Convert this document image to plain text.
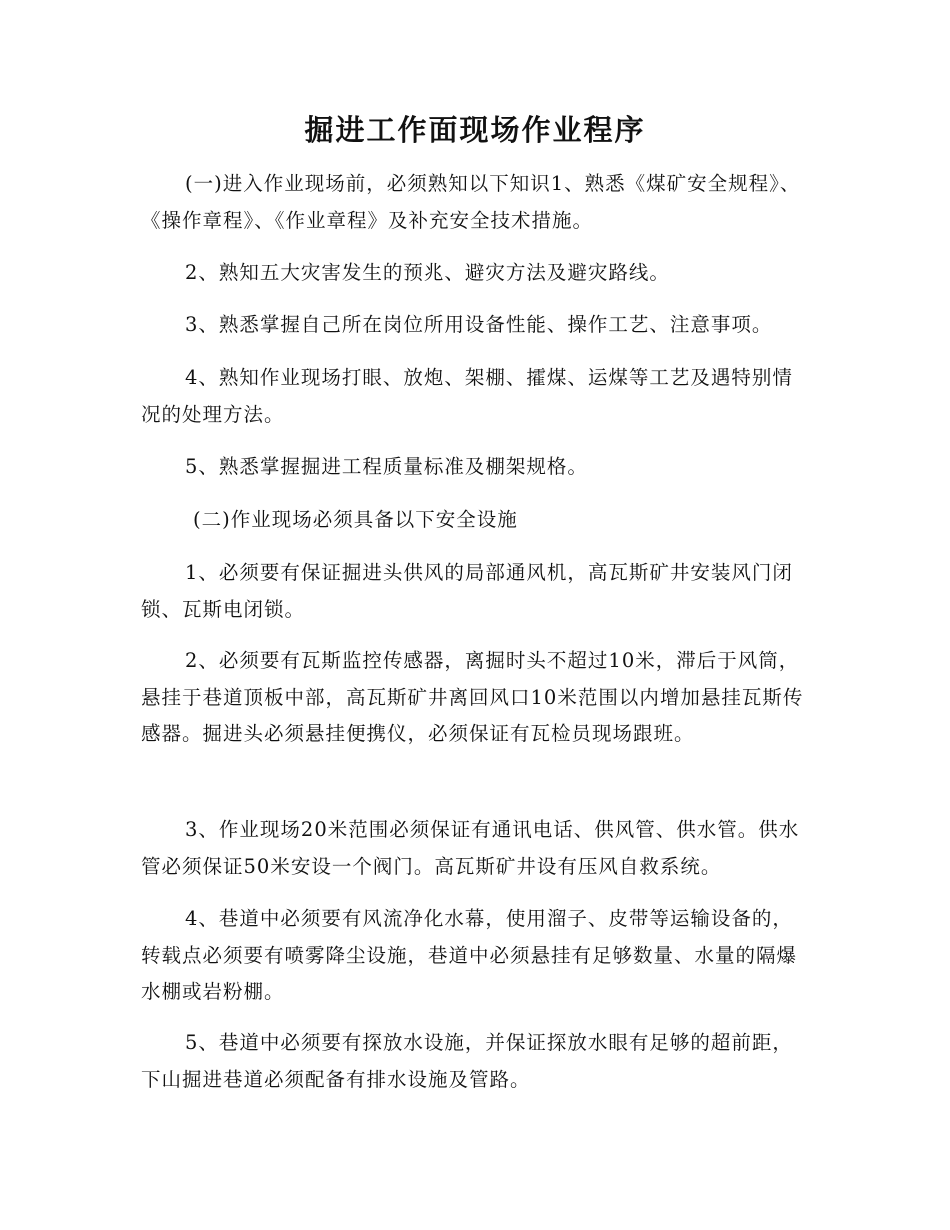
掘进工作面现场作业程序

(一)进入作业现场前，必须熟知以下知识1、熟悉《煤矿安全规程》、《操作章程》、《作业章程》及补充安全技术措施。

2、熟知五大灾害发生的预兆、避灾方法及避灾路线。

3、熟悉掌握自己所在岗位所用设备性能、操作工艺、注意事项。

4、熟知作业现场打眼、放炮、架棚、攉煤、运煤等工艺及遇特别情况的处理方法。

5、熟悉掌握掘进工程质量标准及棚架规格。

(二)作业现场必须具备以下安全设施

1、必须要有保证掘进头供风的局部通风机，高瓦斯矿井安装风门闭锁、瓦斯电闭锁。

2、必须要有瓦斯监控传感器，离掘时头不超过10米，滞后于风筒，悬挂于巷道顶板中部，高瓦斯矿井离回风口10米范围以内增加悬挂瓦斯传感器。掘进头必须悬挂便携仪，必须保证有瓦检员现场跟班。

3、作业现场20米范围必须保证有通讯电话、供风管、供水管。供水管必须保证50米安设一个阀门。高瓦斯矿井设有压风自救系统。

4、巷道中必须要有风流净化水幕，使用溜子、皮带等运输设备的，转载点必须要有喷雾降尘设施，巷道中必须悬挂有足够数量、水量的隔爆水棚或岩粉棚。

5、巷道中必须要有探放水设施，并保证探放水眼有足够的超前距，下山掘进巷道必须配备有排水设施及管路。
